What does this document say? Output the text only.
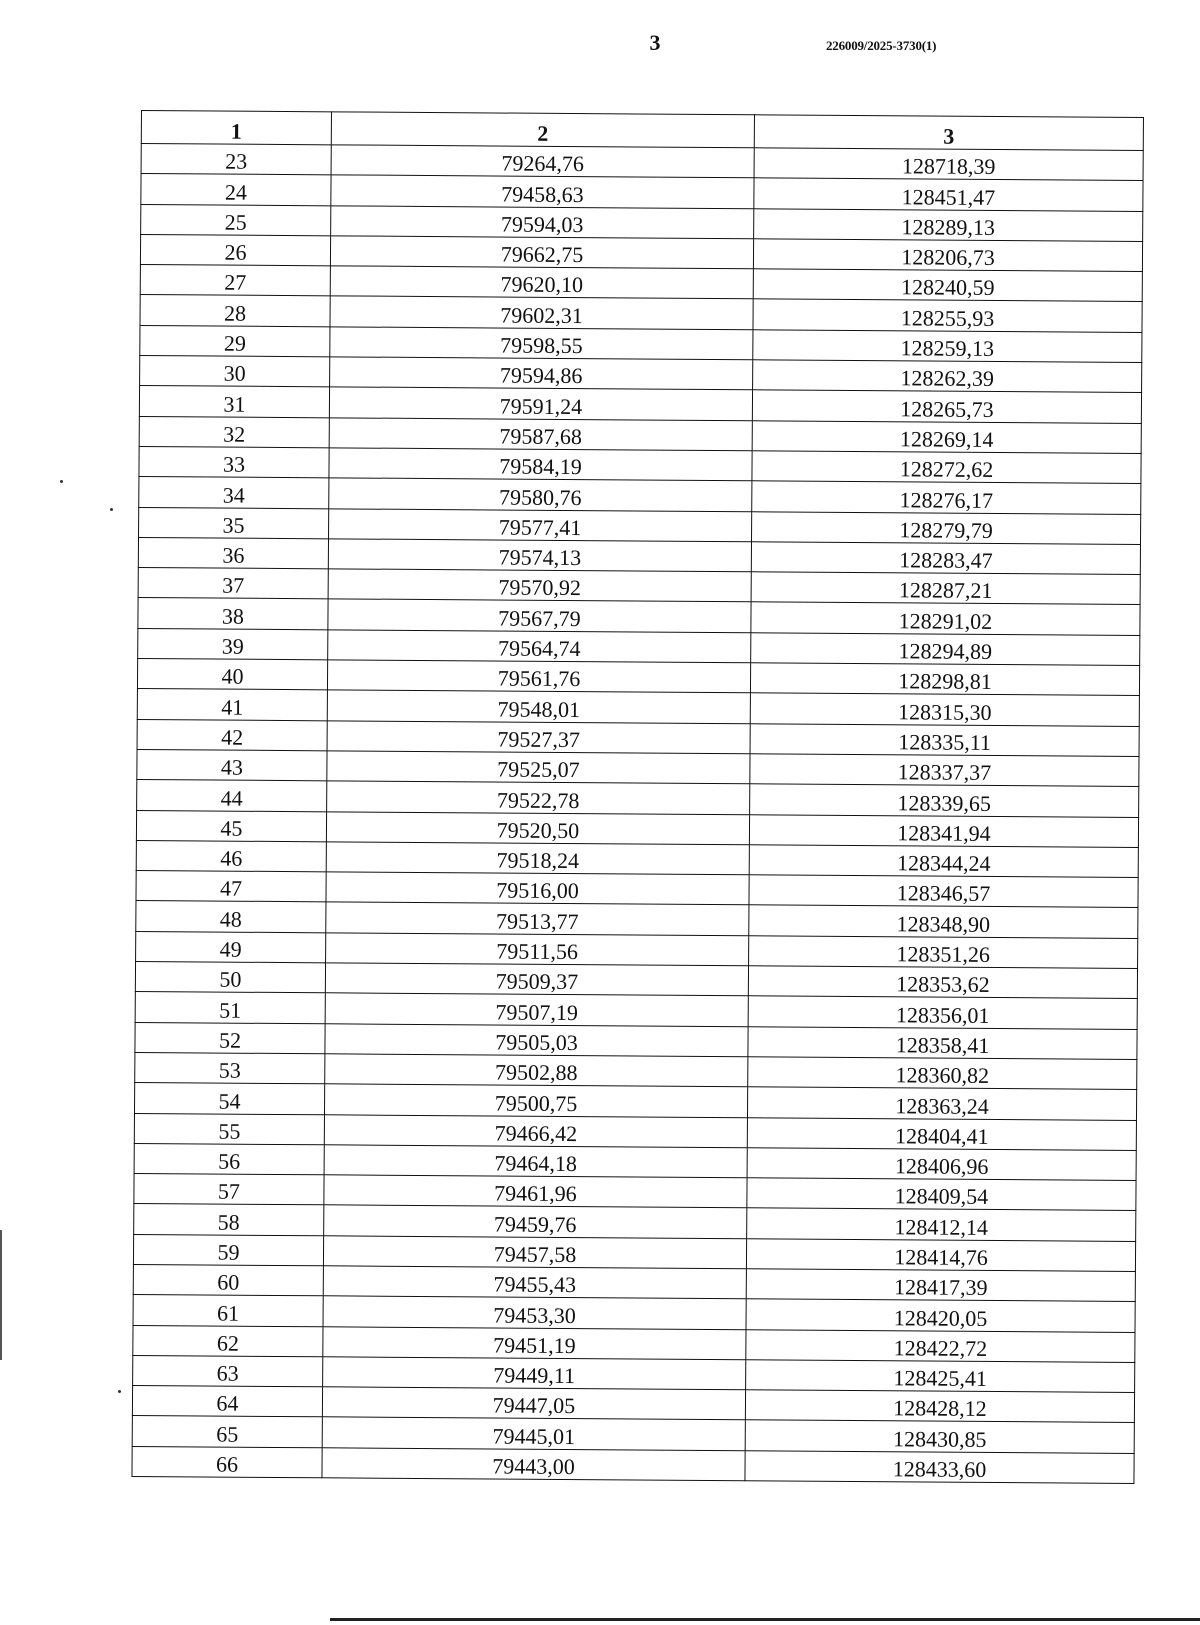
3	226009/2025-3730(1)
1	2	3
23	79264,76	128718,39
24	79458,63	128451,47
25	79594,03	128289,13
26	79662,75	128206,73
27	79620,10	128240,59
28	79602,31	128255,93
29	79598,55	128259,13
30	79594,86	128262,39
31	79591,24	128265,73
32	79587,68	128269,14
33	79584,19	128272,62
34	79580,76	128276,17
35	79577,41	128279,79
36	79574,13	128283,47
37	79570,92	128287,21
38	79567,79	128291,02
39	79564,74	128294,89
40	79561,76	128298,81
41	79548,01	128315,30
42	79527,37	128335,11
43	79525,07	128337,37
44	79522,78	128339,65
45	79520,50	128341,94
46	79518,24	128344,24
47	79516,00	128346,57
48	79513,77	128348,90
49	79511,56	128351,26
50	79509,37	128353,62
51	79507,19	128356,01
52	79505,03	128358,41
53	79502,88	128360,82
54	79500,75	128363,24
55	79466,42	128404,41
56	79464,18	128406,96
57	79461,96	128409,54
58	79459,76	128412,14
59	79457,58	128414,76
60	79455,43	128417,39
61	79453,30	128420,05
62	79451,19	128422,72
63	79449,11	128425,41
64	79447,05	128428,12
65	79445,01	128430,85
66	79443,00	128433,60
